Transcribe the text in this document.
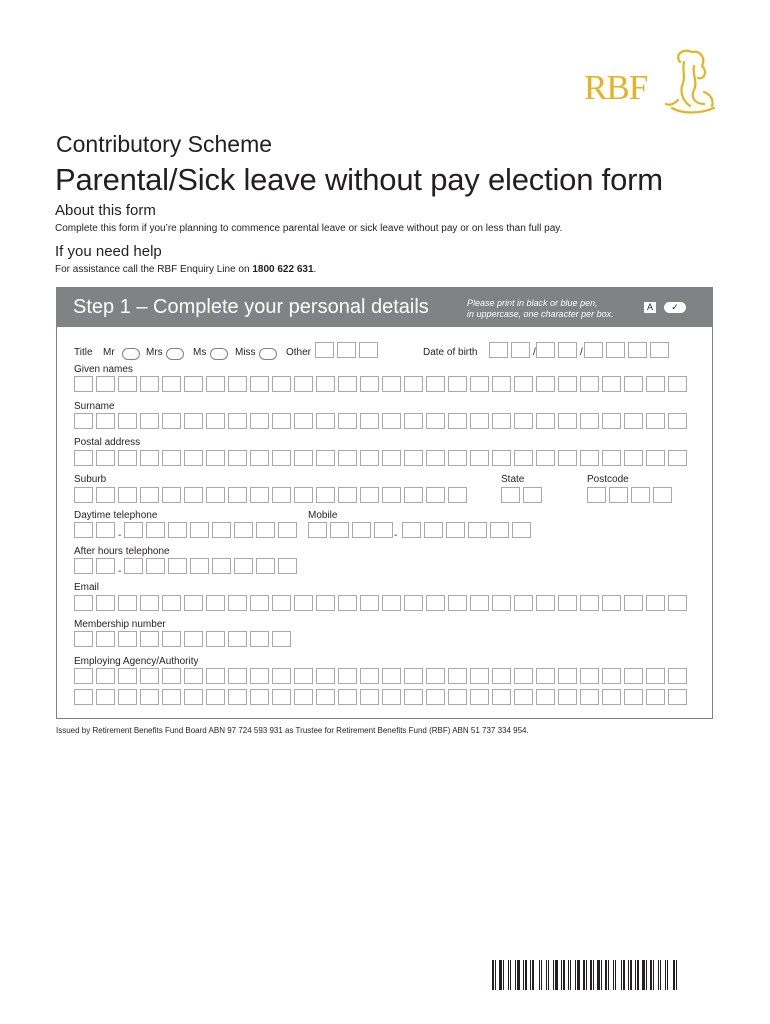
RBF
Contributory Scheme
Parental/Sick leave without pay election form
About this form
Complete this form if you’re planning to commence parental leave or sick leave without pay or on less than full pay.
If you need help
For assistance call the RBF Enquiry Line on 1800 622 631.
Step 1 – Complete your personal details	Please print in black or blue pen,
in uppercase, one character per box.
A	✓
Title Mr	Mrs	Ms	Miss	Other	Date of birth	/	/
Given names
Surname
Postal address
Suburb	State	Postcode
Daytime telephone	Mobile
-	-
After hours telephone
-
Email
Membership number
Employing Agency/Authority
Issued by Retirement Benefits Fund Board ABN 97 724 593 931 as Trustee for Retirement Benefits Fund (RBF) ABN 51 737 334 954.
